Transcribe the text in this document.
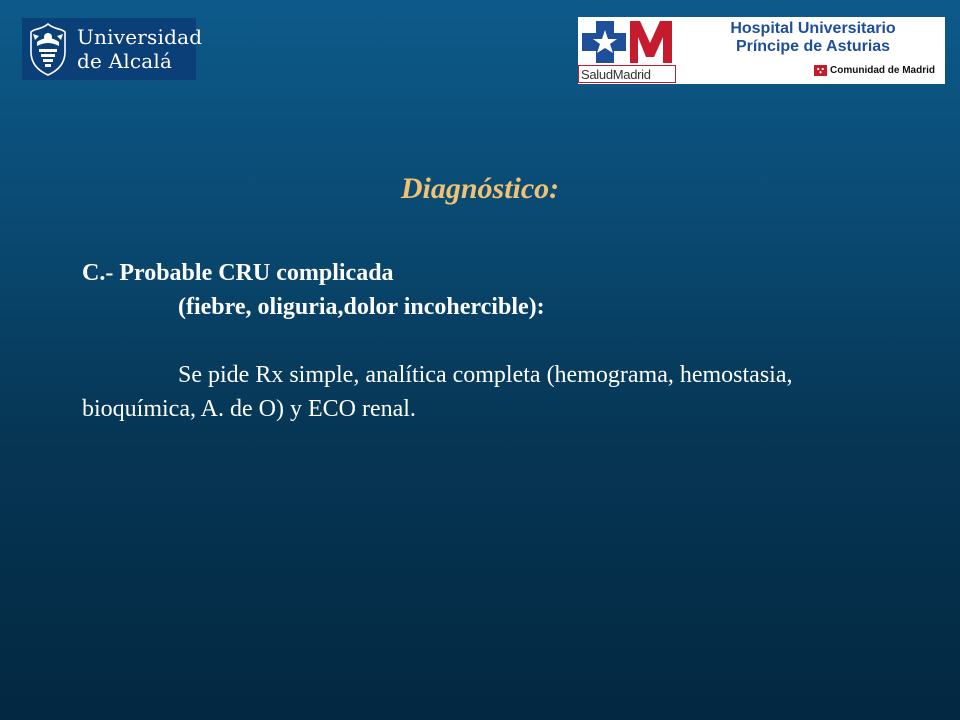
Universidad
de Alcalá
SaludMadrid
Hospital Universitario
Príncipe de Asturias
Comunidad de Madrid
Diagnóstico:
C.- Probable CRU complicada
(fiebre, oliguria,dolor incohercible):

Se pide Rx simple, analítica completa (hemograma, hemostasia, bioquímica, A. de O) y ECO renal.
